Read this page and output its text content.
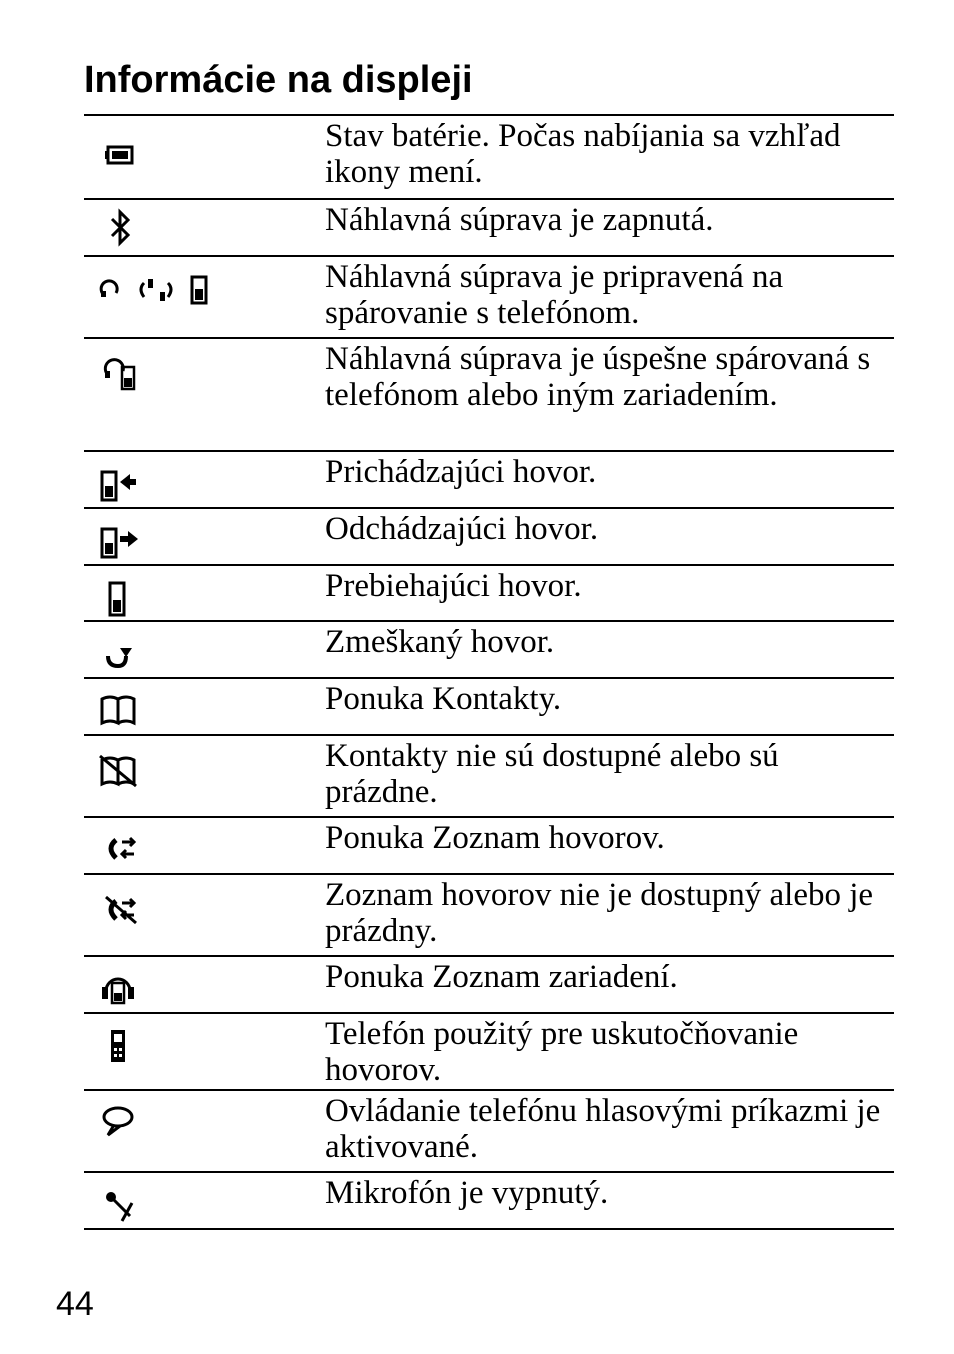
Informácie na displeji
Stav batérie. Počas nabíjania sa vzhľad ikony mení.
Náhlavná súprava je zapnutá.
Náhlavná súprava je pripravená na spárovanie s telefónom.
Náhlavná súprava je úspešne spárovaná s telefónom alebo iným zariadením.
Prichádzajúci hovor.
Odchádzajúci hovor.
Prebiehajúci hovor.
Zmeškaný hovor.
Ponuka Kontakty.
Kontakty nie sú dostupné alebo sú prázdne.
Ponuka Zoznam hovorov.
Zoznam hovorov nie je dostupný alebo je prázdny.
Ponuka Zoznam zariadení.
Telefón použitý pre uskutočňovanie hovorov.
Ovládanie telefónu hlasovými príkazmi je aktivované.
Mikrofón je vypnutý.
44
